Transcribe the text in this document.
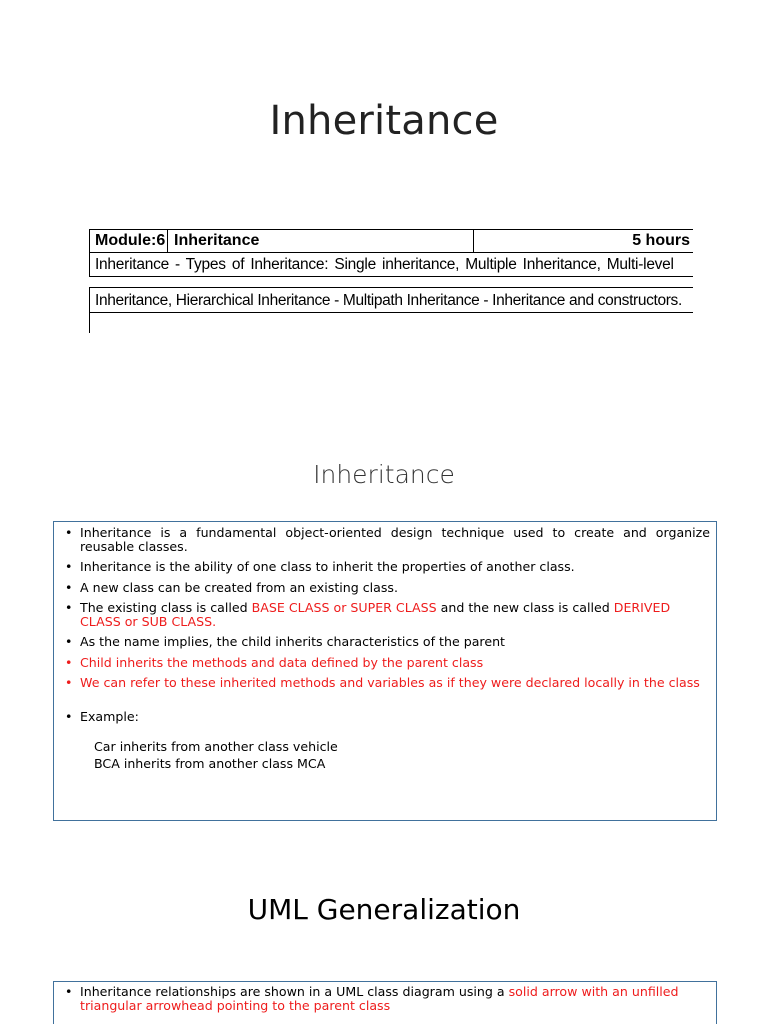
Inheritance
Module:6 Inheritance	5 hours
Inheritance - Types of Inheritance: Single inheritance, Multiple Inheritance, Multi-level
Inheritance, Hierarchical Inheritance - Multipath Inheritance - Inheritance and constructors.
Inheritance
• Inheritance is a fundamental object-oriented design technique used to create and organize reusable classes.
• Inheritance is the ability of one class to inherit the properties of another class.
• A new class can be created from an existing class.
• The existing class is called BASE CLASS or SUPER CLASS and the new class is called DERIVED CLASS or SUB CLASS.
• As the name implies, the child inherits characteristics of the parent
• Child inherits the methods and data defined by the parent class
• We can refer to these inherited methods and variables as if they were declared locally in the class
• Example:
Car inherits from another class vehicle
BCA inherits from another class MCA
UML Generalization
• Inheritance relationships are shown in a UML class diagram using a solid arrow with an unfilled triangular arrowhead pointing to the parent class
